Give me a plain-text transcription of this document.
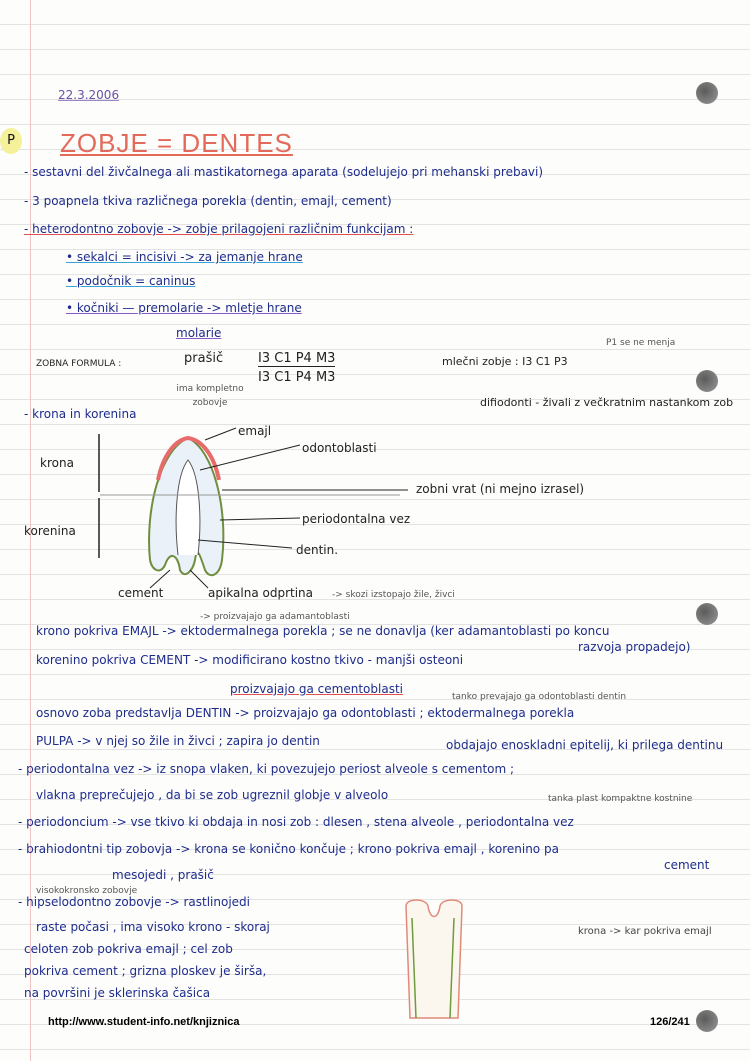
22.3.2006
P ZOBJE = DENTES
- sestavni del živčalnega ali mastikatornega aparata (sodelujejo pri mehanski prebavi)
- 3 poapnela tkiva različnega porekla (dentin, emajl, cement)
- heterodontno zobovje -> zobje prilagojeni različnim funkcijam :
• sekalci = incisivi -> za jemanje hrane
• podočnik = caninus
• kočniki — premolarie -> mletje hrane
molarie
ZOBNA FORMULA :	prašič
ima kompletno zobovje
I3 C1 P4 M3
I3 C1 P4 M3
mlečni zobje : I3 C1 P3
P1 se ne menja
difiodonti - živali z večkratnim nastankom zob
- krona in korenina
emajl
odontoblasti
krona
zobni vrat (ni mejno izrasel)
korenina
periodontalna vez
dentin.
cement	apikalna odprtina -> skozi izstopajo žile, živci
-> proizvajajo ga adamantoblasti
krono pokriva EMAJL -> ektodermalnega porekla ; se ne donavlja (ker adamantoblasti po koncu
razvoja propadejo)
korenino pokriva CEMENT -> modificirano kostno tkivo - manjši osteoni
proizvajajo ga cementoblasti
tanko prevajajo ga odontoblasti dentin
osnovo zoba predstavlja DENTIN -> proizvajajo ga odontoblasti ; ektodermalnega porekla
PULPA -> v njej so žile in živci ; zapira jo dentin	obdajajo enoskladni epitelij, ki prilega dentinu
- periodontalna vez -> iz snopa vlaken, ki povezujejo periost alveole s cementom ;
vlakna preprečujejo , da bi se zob ugreznil globje v alveolo	tanka plast kompaktne kostnine
- periodoncium -> vse tkivo ki obdaja in nosi zob : dlesen , stena alveole , periodontalna vez
- brahiodontni tip zobovja -> krona se konično končuje ; krono pokriva emajl , korenino pa
cement
mesojedi , prašič
visokokronsko zobovje
- hipselodontno zobovje -> rastlinojedi
raste počasi , ima visoko krono - skoraj
celoten zob pokriva emajl ; cel zob
pokriva cement ; grizna ploskev je širša,
na površini je sklerinska čašica
krona -> kar pokriva emajl
http://www.student-info.net/knjiznica	126/241
